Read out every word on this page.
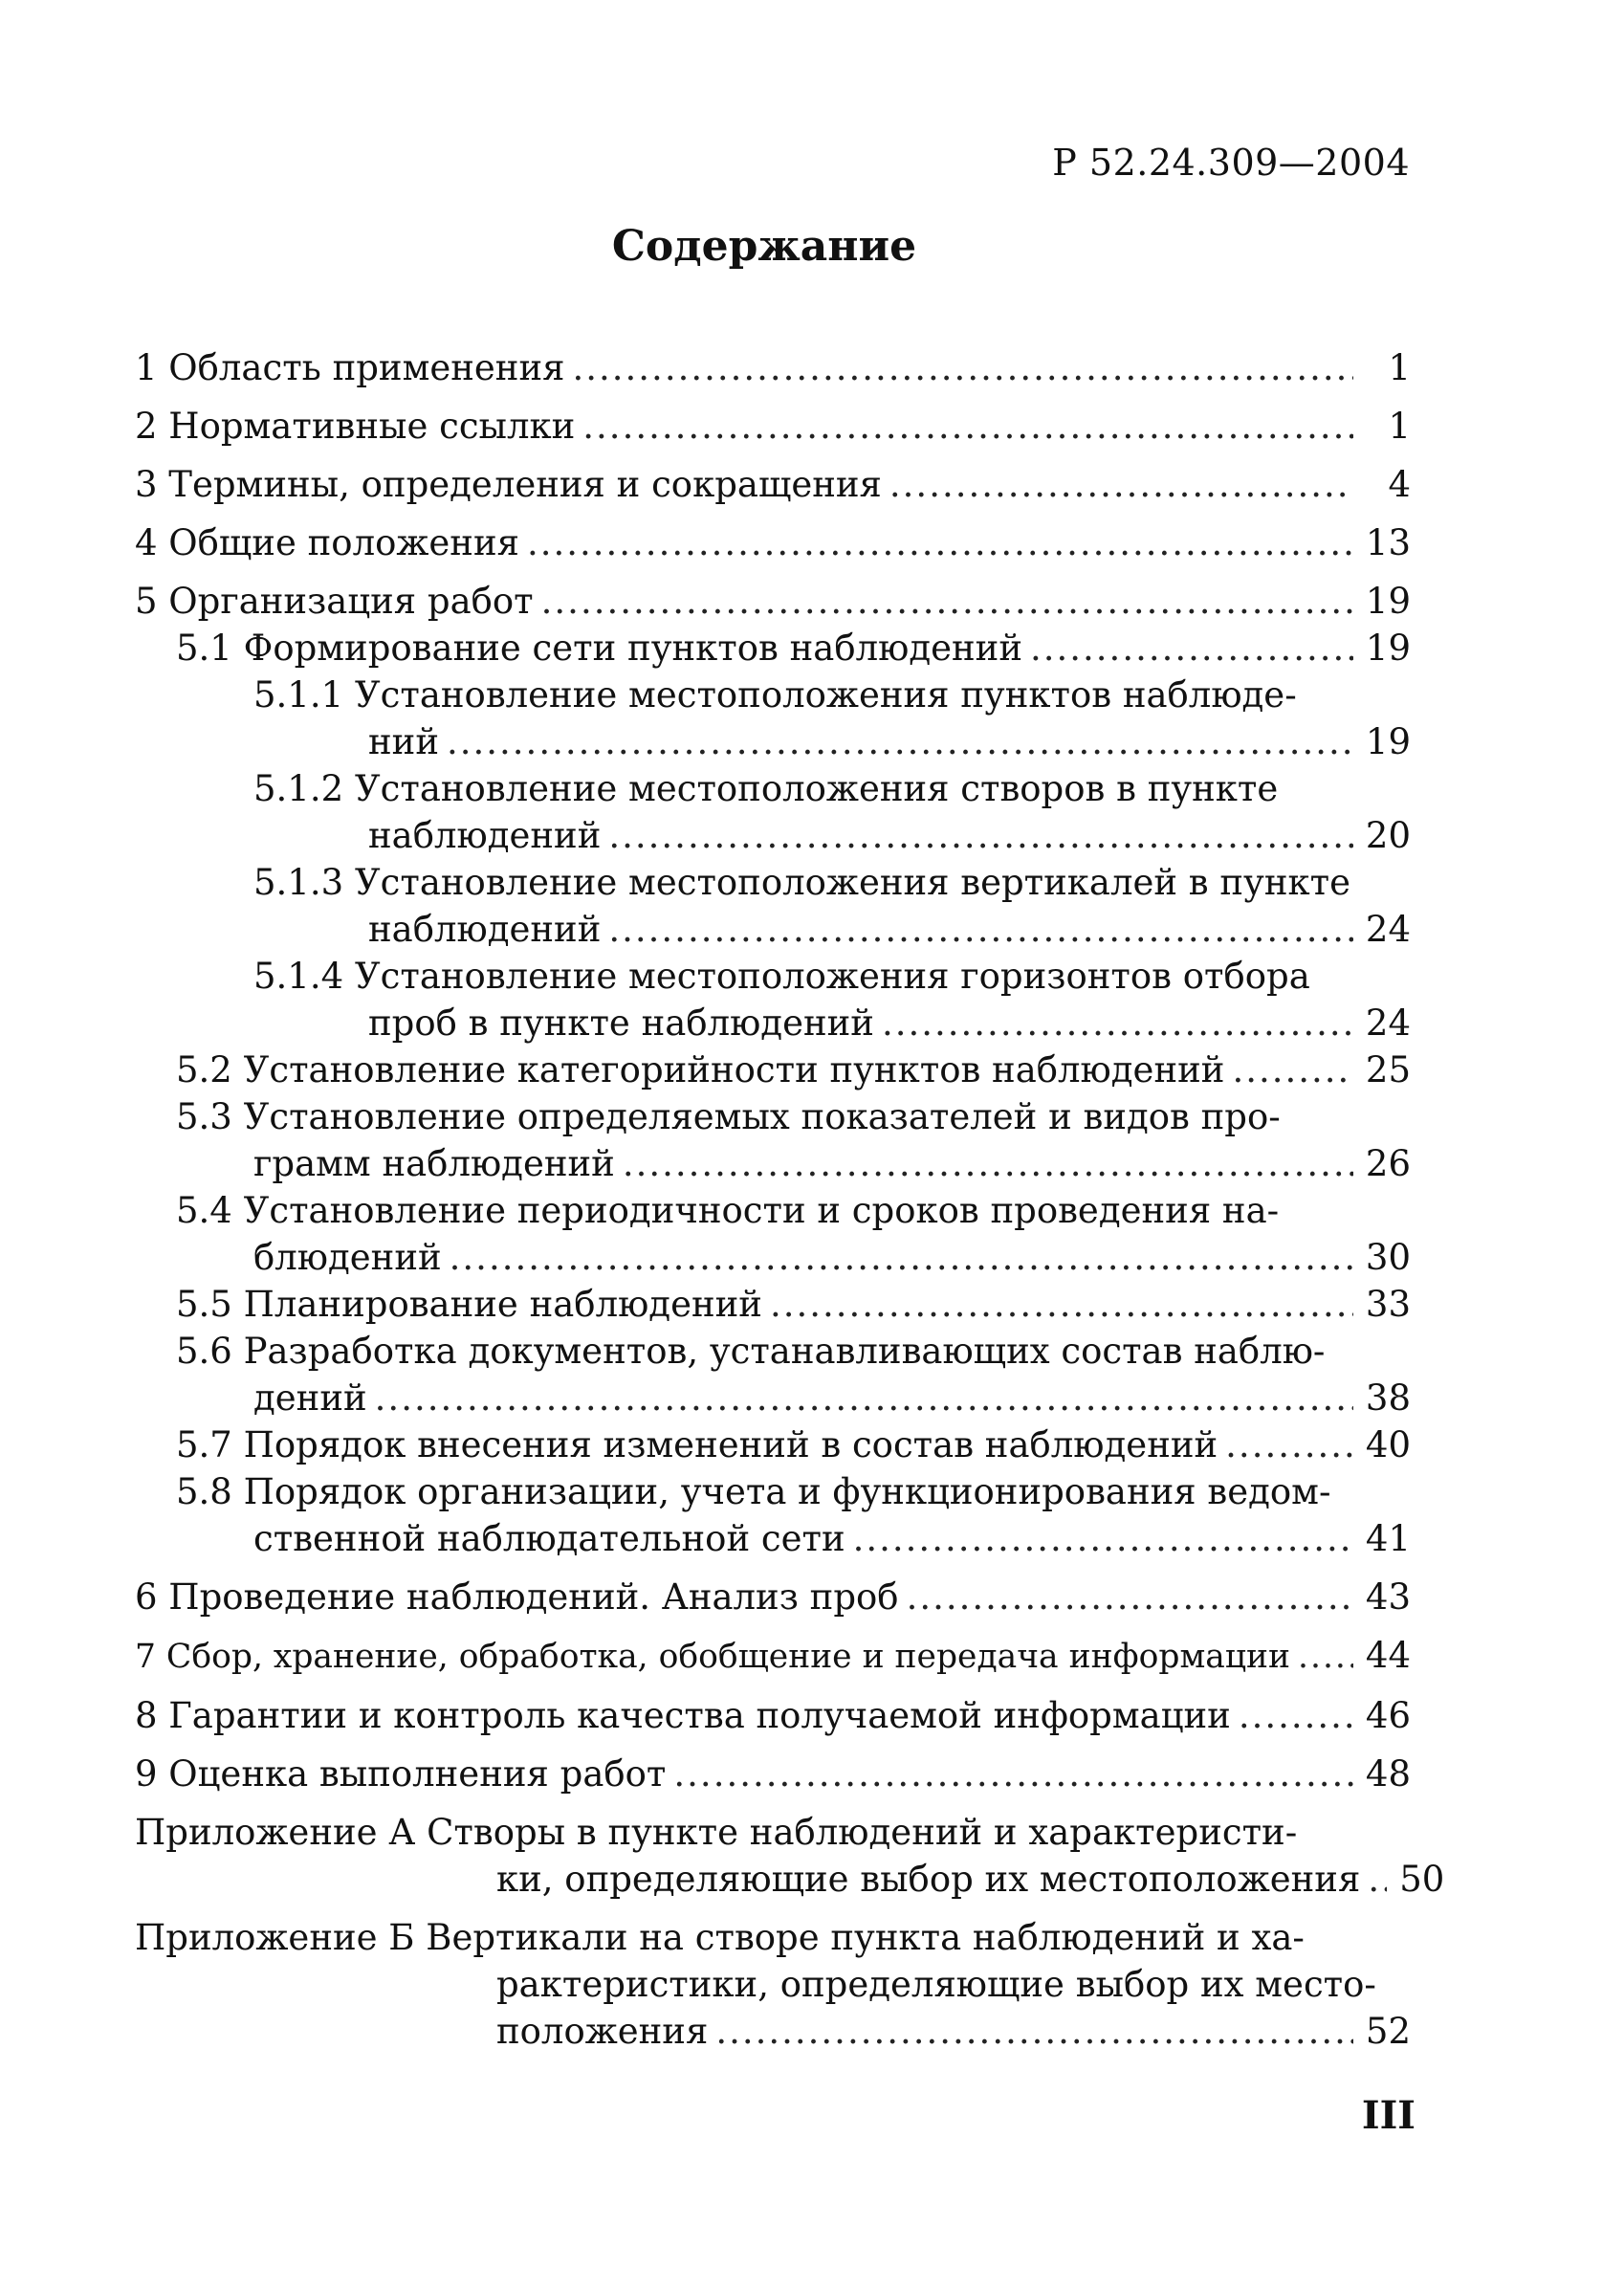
Р 52.24.309—2004
Содержание
1 Область применения .....	1
2 Нормативные ссылки .....	1
3 Термины, определения и сокращения .....	4
4 Общие положения .....	13
5 Организация работ .....	19
5.1 Формирование сети пунктов наблюдений .....	19
5.1.1 Установление местоположения пунктов наблюде-
ний .....	19
5.1.2 Установление местоположения створов в пункте
наблюдений .....	20
5.1.3 Установление местоположения вертикалей в пункте
наблюдений .....	24
5.1.4 Установление местоположения горизонтов отбора
проб в пункте наблюдений .....	24
5.2 Установление категорийности пунктов наблюдений .....	25
5.3 Установление определяемых показателей и видов про-
грамм наблюдений .....	26
5.4 Установление периодичности и сроков проведения на-
блюдений .....	30
5.5 Планирование наблюдений .....	33
5.6 Разработка документов, устанавливающих состав наблю-
дений .....	38
5.7 Порядок внесения изменений в состав наблюдений .....	40
5.8 Порядок организации, учета и функционирования ведом-
ственной наблюдательной сети .....	41
6 Проведение наблюдений. Анализ проб .....	43
7 Сбор, хранение, обработка, обобщение и передача информации ..... 44
8 Гарантии и контроль качества получаемой информации .....	46
9 Оценка выполнения работ .....	48
Приложение А Створы в пункте наблюдений и характеристи-
ки, определяющие выбор их местоположения ..... 50
Приложение Б Вертикали на створе пункта наблюдений и ха-
рактеристики, определяющие выбор их место-
положения .....	52
III
